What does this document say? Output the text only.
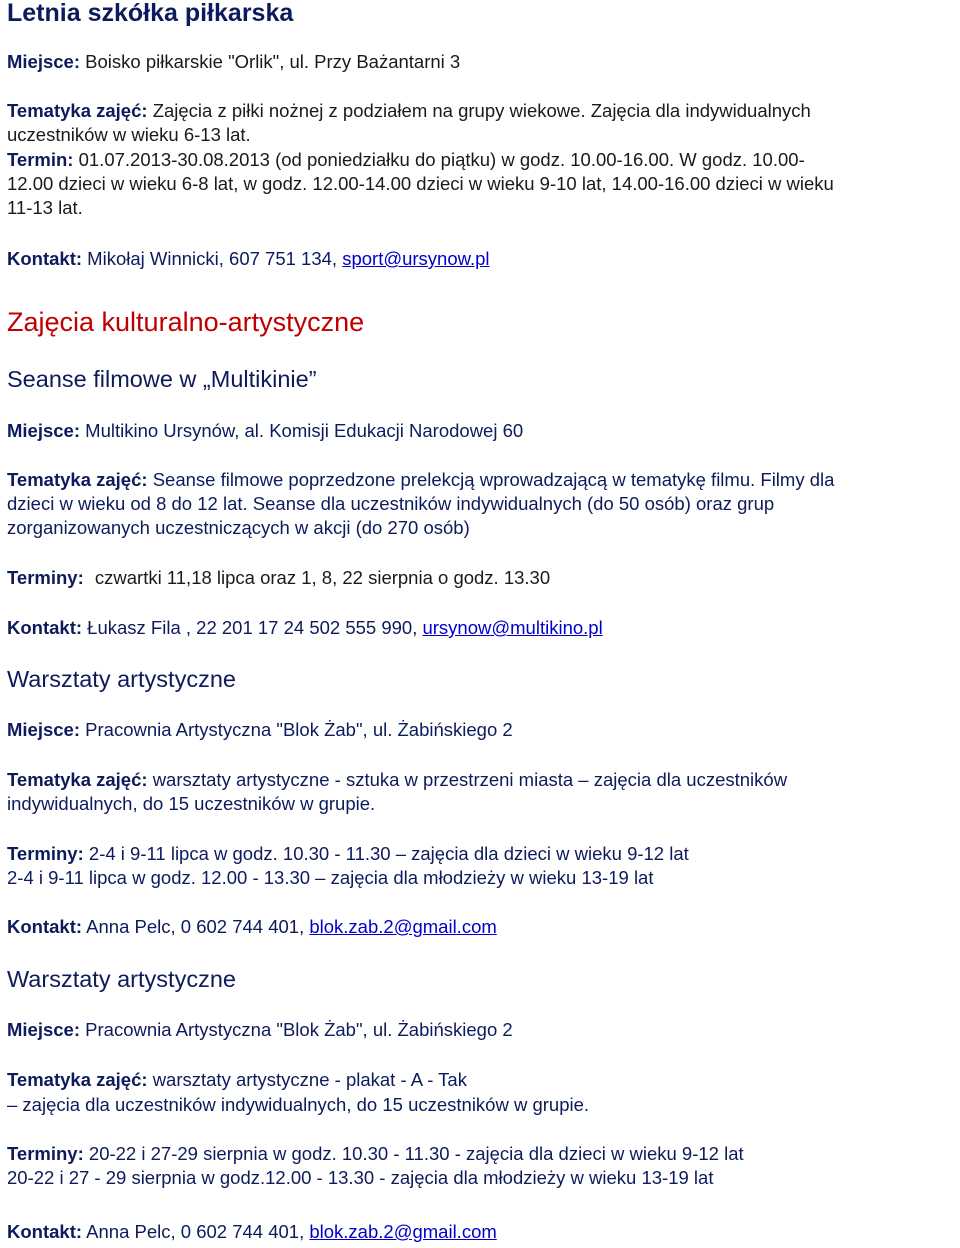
Letnia szkółka piłkarska
Miejsce: Boisko piłkarskie "Orlik", ul. Przy Bażantarni 3
Tematyka zajęć: Zajęcia z piłki nożnej z podziałem na grupy wiekowe. Zajęcia dla indywidualnych
uczestników w wieku 6-13 lat.
Termin: 01.07.2013-30.08.2013 (od poniedziałku do piątku) w godz. 10.00-16.00. W godz. 10.00-
12.00 dzieci w wieku 6-8 lat, w godz. 12.00-14.00 dzieci w wieku 9-10 lat, 14.00-16.00 dzieci w wieku
11-13 lat.
Kontakt: Mikołaj Winnicki, 607 751 134, sport@ursynow.pl
Zajęcia kulturalno-artystyczne
Seanse filmowe w „Multikinie”
Miejsce: Multikino Ursynów, al. Komisji Edukacji Narodowej 60
Tematyka zajęć: Seanse filmowe poprzedzone prelekcją wprowadzającą w tematykę filmu. Filmy dla
dzieci w wieku od 8 do 12 lat. Seanse dla uczestników indywidualnych (do 50 osób) oraz grup
zorganizowanych uczestniczących w akcji (do 270 osób)
Terminy: czwartki 11,18 lipca oraz 1, 8, 22 sierpnia o godz. 13.30
Kontakt: Łukasz Fila , 22 201 17 24 502 555 990, ursynow@multikino.pl
Warsztaty artystyczne
Miejsce: Pracownia Artystyczna "Blok Żab", ul. Żabińskiego 2
Tematyka zajęć: warsztaty artystyczne - sztuka w przestrzeni miasta – zajęcia dla uczestników
indywidualnych, do 15 uczestników w grupie.
Terminy: 2-4 i 9-11 lipca w godz. 10.30 - 11.30 – zajęcia dla dzieci w wieku 9-12 lat
2-4 i 9-11 lipca w godz. 12.00 - 13.30 – zajęcia dla młodzieży w wieku 13-19 lat
Kontakt: Anna Pelc, 0 602 744 401, blok.zab.2@gmail.com
Warsztaty artystyczne
Miejsce: Pracownia Artystyczna "Blok Żab", ul. Żabińskiego 2
Tematyka zajęć: warsztaty artystyczne - plakat - A - Tak
– zajęcia dla uczestników indywidualnych, do 15 uczestników w grupie.
Terminy: 20-22 i 27-29 sierpnia w godz. 10.30 - 11.30 - zajęcia dla dzieci w wieku 9-12 lat
20-22 i 27 - 29 sierpnia w godz.12.00 - 13.30 - zajęcia dla młodzieży w wieku 13-19 lat
Kontakt: Anna Pelc, 0 602 744 401, blok.zab.2@gmail.com
